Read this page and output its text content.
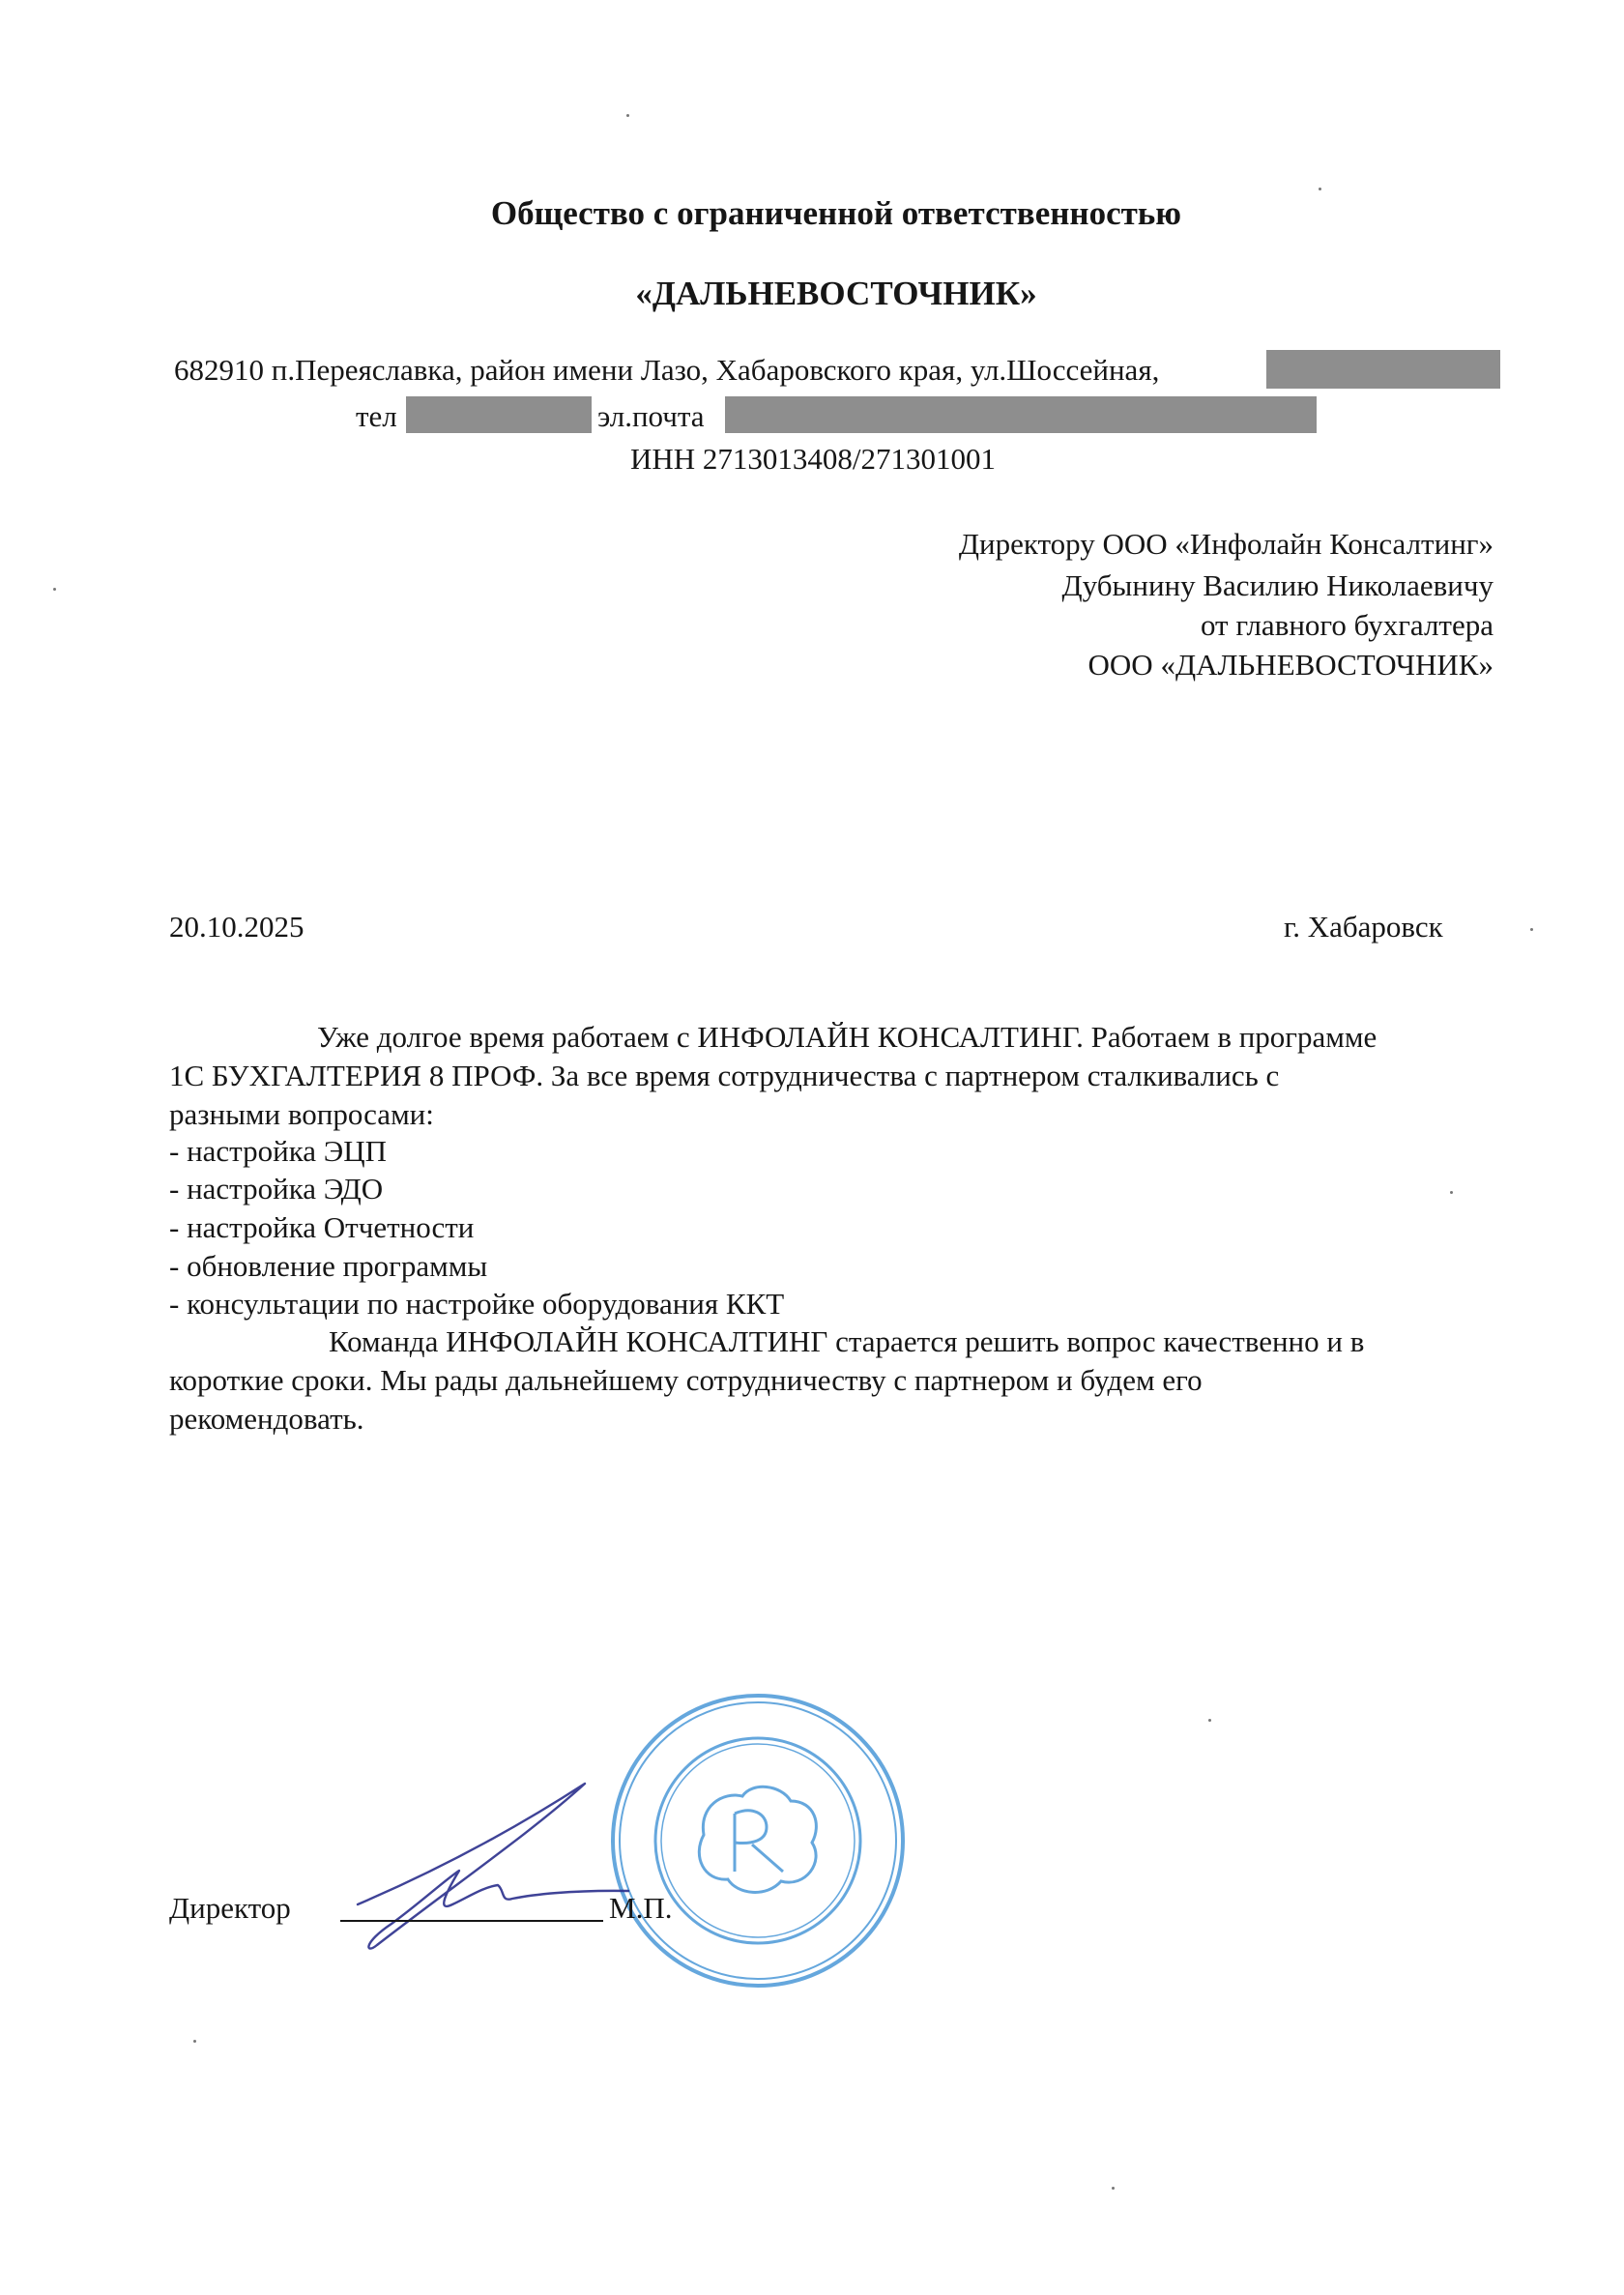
Общество с ограниченной ответственностью
«ДАЛЬНЕВОСТОЧНИК»
682910 п.Переяславка, район имени Лазо, Хабаровского края, ул.Шоссейная,
тел	эл.почта
ИНН 2713013408/271301001
Директору ООО «Инфолайн Консалтинг»
Дубынину Василию Николаевичу
от главного бухгалтера
ООО «ДАЛЬНЕВОСТОЧНИК»
20.10.2025	г. Хабаровск
Уже долгое время работаем с ИНФОЛАЙН КОНСАЛТИНГ. Работаем в программе
1С БУХГАЛТЕРИЯ 8 ПРОФ. За все время сотрудничества с партнером сталкивались с
разными вопросами:
- настройка ЭЦП
- настройка ЭДО
- настройка Отчетности
- обновление программы
- консультации по настройке оборудования ККТ
Команда ИНФОЛАЙН КОНСАЛТИНГ старается решить вопрос качественно и в
короткие сроки. Мы рады дальнейшему сотрудничеству с партнером и будем его
рекомендовать.
Директор	М.П.
